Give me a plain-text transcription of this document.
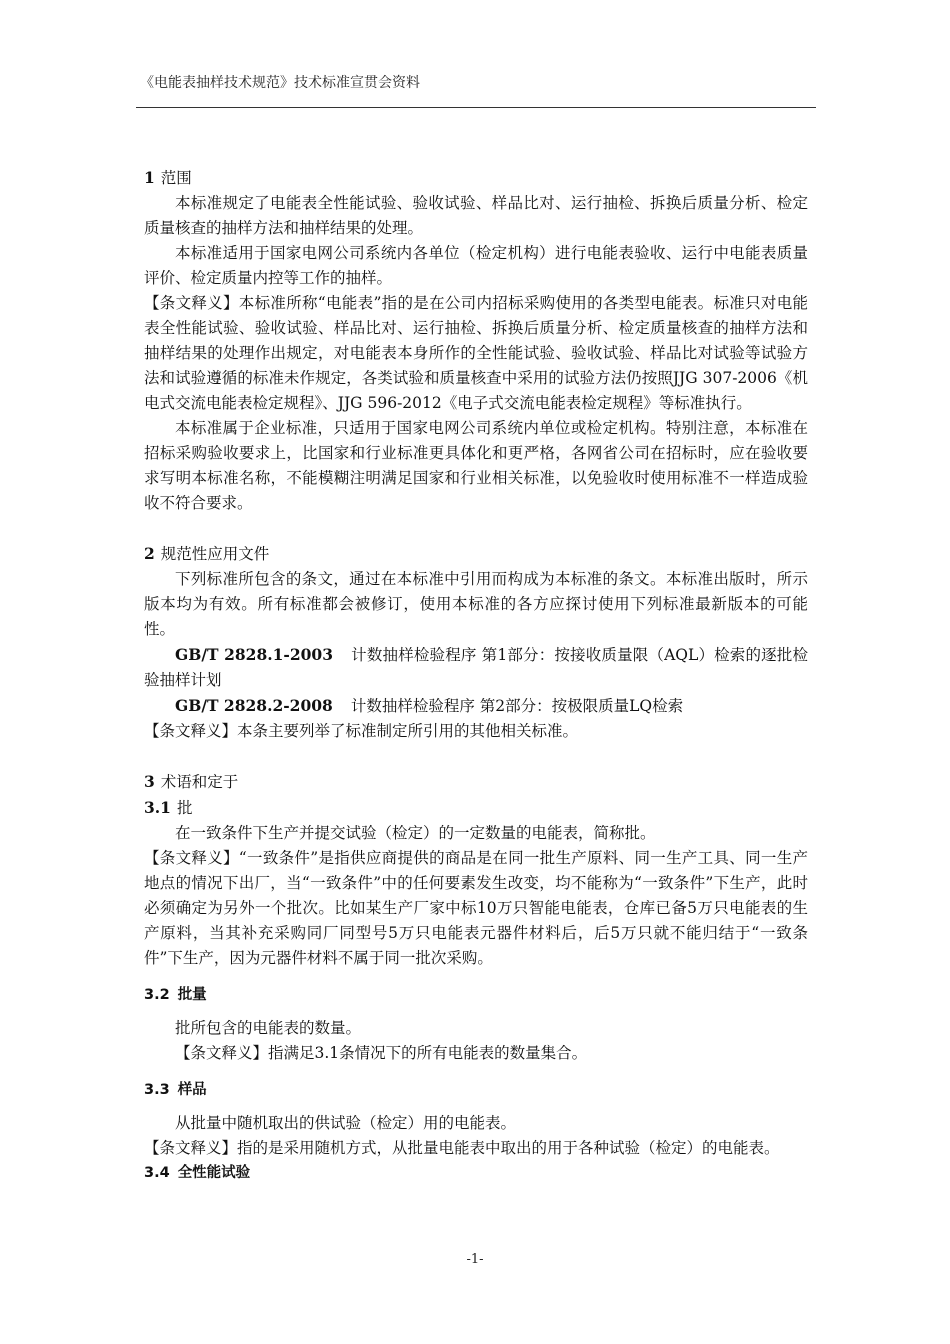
《电能表抽样技术规范》技术标准宣贯会资料

1 范围

本标准规定了电能表全性能试验、验收试验、样品比对、运行抽检、拆换后质量分析、检定质量核查的抽样方法和抽样结果的处理。

本标准适用于国家电网公司系统内各单位（检定机构）进行电能表验收、运行中电能表质量评价、检定质量内控等工作的抽样。

【条文释义】本标准所称“电能表”指的是在公司内招标采购使用的各类型电能表。标准只对电能表全性能试验、验收试验、样品比对、运行抽检、拆换后质量分析、检定质量核查的抽样方法和抽样结果的处理作出规定，对电能表本身所作的全性能试验、验收试验、样品比对试验等试验方法和试验遵循的标准未作规定，各类试验和质量核查中采用的试验方法仍按照JJG 307-2006《机电式交流电能表检定规程》、JJG 596-2012《电子式交流电能表检定规程》等标准执行。

本标准属于企业标准，只适用于国家电网公司系统内单位或检定机构。特别注意，本标准在招标采购验收要求上，比国家和行业标准更具体化和更严格，各网省公司在招标时，应在验收要求写明本标准名称，不能模糊注明满足国家和行业相关标准，以免验收时使用标准不一样造成验收不符合要求。

2 规范性应用文件

下列标准所包含的条文，通过在本标准中引用而构成为本标准的条文。本标准出版时，所示版本均为有效。所有标准都会被修订，使用本标准的各方应探讨使用下列标准最新版本的可能性。

GB/T 2828.1-2003 计数抽样检验程序 第1部分：按接收质量限（AQL）检索的逐批检验抽样计划

GB/T 2828.2-2008 计数抽样检验程序 第2部分：按极限质量LQ检索

【条文释义】本条主要列举了标准制定所引用的其他相关标准。

3 术语和定于

3.1 批

在一致条件下生产并提交试验（检定）的一定数量的电能表，简称批。

【条文释义】“一致条件”是指供应商提供的商品是在同一批生产原料、同一生产工具、同一生产地点的情况下出厂，当“一致条件”中的任何要素发生改变，均不能称为“一致条件”下生产，此时必须确定为另外一个批次。比如某生产厂家中标10万只智能电能表，仓库已备5万只电能表的生产原料，当其补充采购同厂同型号5万只电能表元器件材料后，后5万只就不能归结于“一致条件”下生产，因为元器件材料不属于同一批次采购。

3.2 批量

批所包含的电能表的数量。

【条文释义】指满足3.1条情况下的所有电能表的数量集合。

3.3 样品

从批量中随机取出的供试验（检定）用的电能表。

【条文释义】指的是采用随机方式，从批量电能表中取出的用于各种试验（检定）的电能表。

3.4 全性能试验

-1-
